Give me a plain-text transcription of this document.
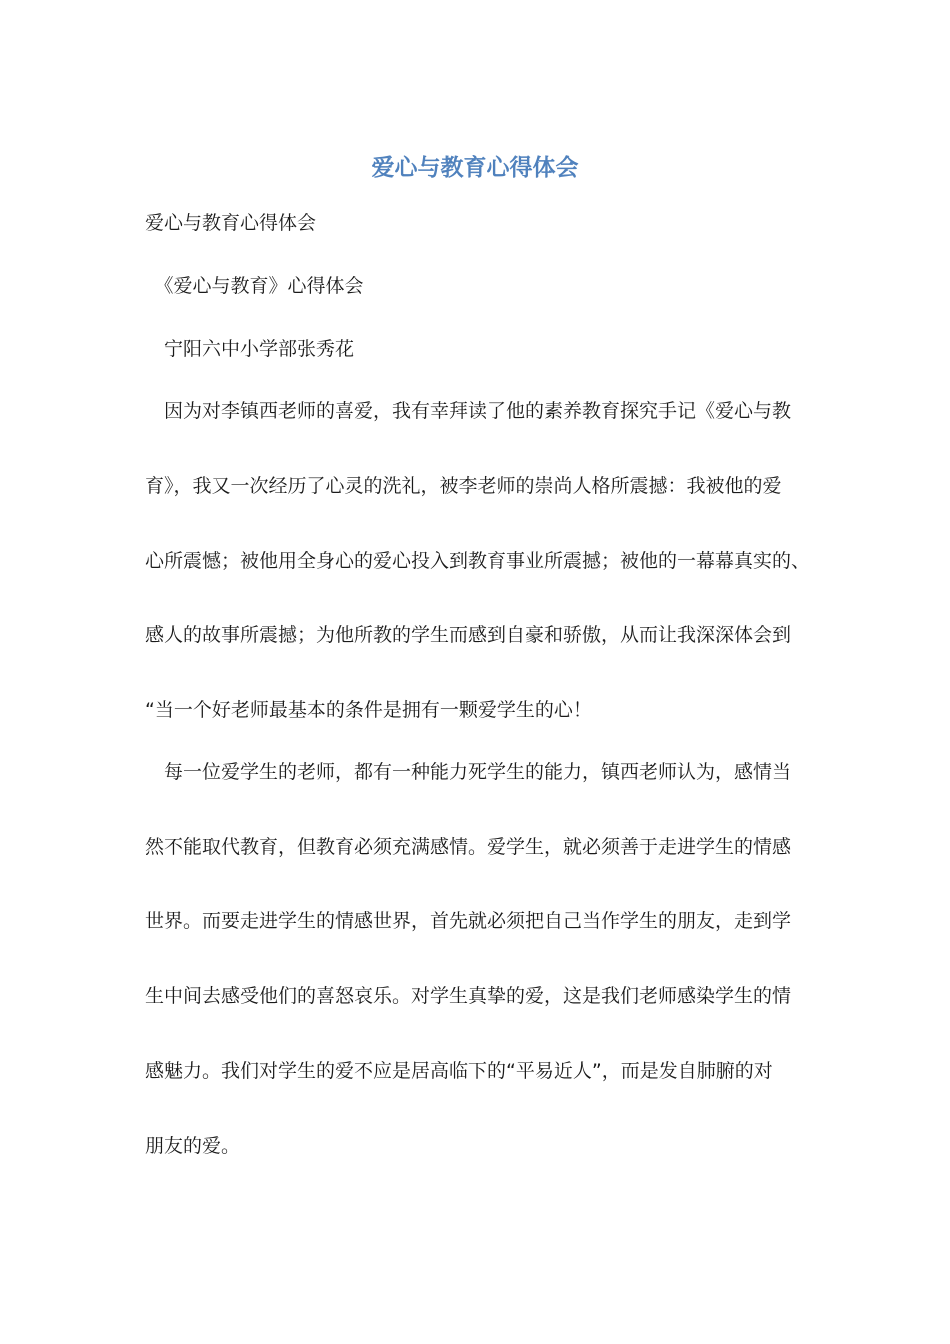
爱心与教育心得体会
爱心与教育心得体会
　《爱心与教育》心得体会
　宁阳六中小学部张秀花
　因为对李镇西老师的喜爱，我有幸拜读了他的素养教育探究手记《爱心与教
育》，我又一次经历了心灵的洗礼，被李老师的崇尚人格所震撼：我被他的爱
心所震憾；被他用全身心的爱心投入到教育事业所震撼；被他的一幕幕真实的、
感人的故事所震撼；为他所教的学生而感到自豪和骄傲，从而让我深深体会到
“当一个好老师最基本的条件是拥有一颗爱学生的心！
　每一位爱学生的老师，都有一种能力死学生的能力，镇西老师认为，感情当
然不能取代教育，但教育必须充满感情。爱学生，就必须善于走进学生的情感
世界。而要走进学生的情感世界，首先就必须把自己当作学生的朋友，走到学
生中间去感受他们的喜怒哀乐。对学生真挚的爱，这是我们老师感染学生的情
感魅力。我们对学生的爱不应是居高临下的“平易近人”，而是发自肺腑的对
朋友的爱。
